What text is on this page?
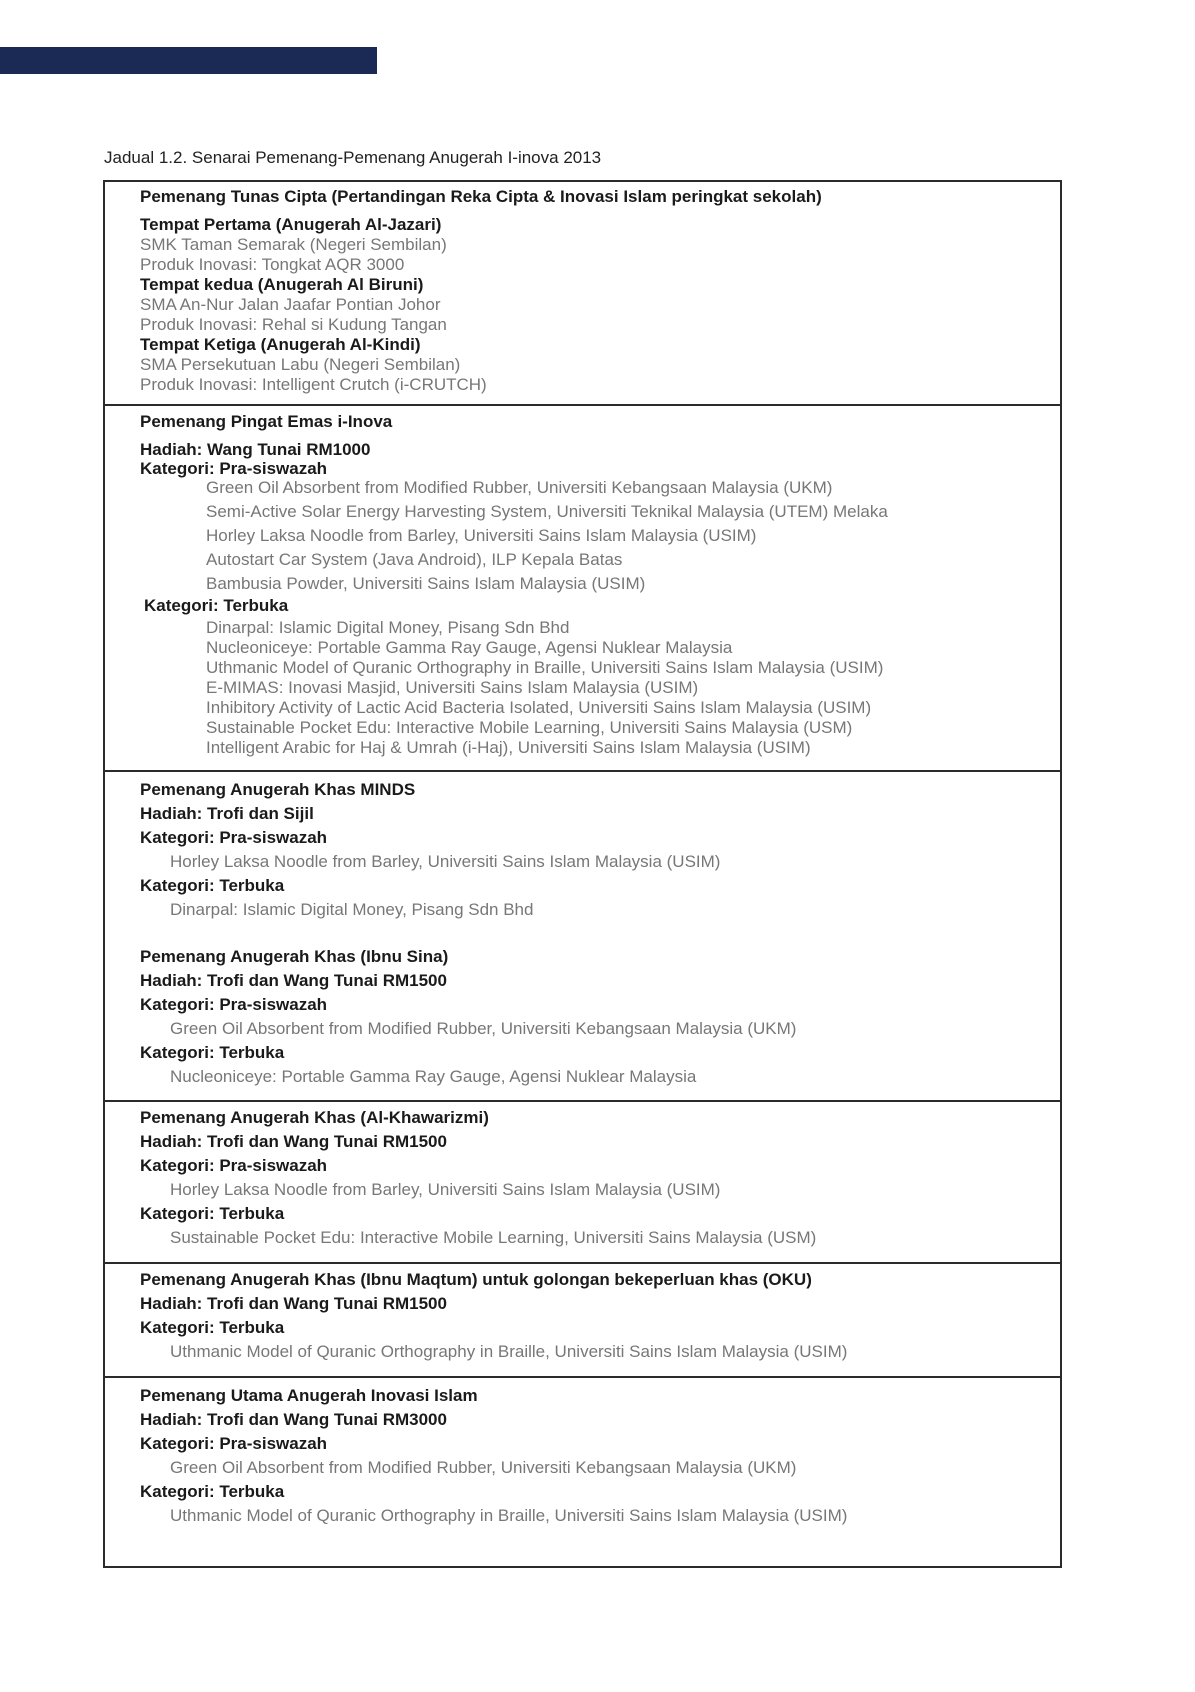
Jadual 1.2. Senarai Pemenang-Pemenang Anugerah I-inova 2013
Pemenang Tunas Cipta (Pertandingan Reka Cipta & Inovasi Islam peringkat sekolah)
Tempat Pertama (Anugerah Al-Jazari)
SMK Taman Semarak (Negeri Sembilan)
Produk Inovasi: Tongkat AQR 3000
Tempat kedua (Anugerah Al Biruni)
SMA An-Nur Jalan Jaafar Pontian Johor
Produk Inovasi: Rehal si Kudung Tangan
Tempat Ketiga (Anugerah Al-Kindi)
SMA Persekutuan Labu (Negeri Sembilan)
Produk Inovasi: Intelligent Crutch (i-CRUTCH)
Pemenang Pingat Emas i-Inova
Hadiah: Wang Tunai RM1000
Kategori: Pra-siswazah
Green Oil Absorbent from Modified Rubber, Universiti Kebangsaan Malaysia (UKM)
Semi-Active Solar Energy Harvesting System, Universiti Teknikal Malaysia (UTEM) Melaka
Horley Laksa Noodle from Barley, Universiti Sains Islam Malaysia (USIM)
Autostart Car System (Java Android), ILP Kepala Batas
Bambusia Powder, Universiti Sains Islam Malaysia (USIM)
Kategori: Terbuka
Dinarpal: Islamic Digital Money, Pisang Sdn Bhd
Nucleoniceye: Portable Gamma Ray Gauge, Agensi Nuklear Malaysia
Uthmanic Model of Quranic Orthography in Braille, Universiti Sains Islam Malaysia (USIM)
E-MIMAS: Inovasi Masjid, Universiti Sains Islam Malaysia (USIM)
Inhibitory Activity of Lactic Acid Bacteria Isolated, Universiti Sains Islam Malaysia (USIM)
Sustainable Pocket Edu: Interactive Mobile Learning, Universiti Sains Malaysia (USM)
Intelligent Arabic for Haj & Umrah (i-Haj), Universiti Sains Islam Malaysia (USIM)
Pemenang Anugerah Khas MINDS
Hadiah: Trofi dan Sijil
Kategori: Pra-siswazah
Horley Laksa Noodle from Barley, Universiti Sains Islam Malaysia (USIM)
Kategori: Terbuka
Dinarpal: Islamic Digital Money, Pisang Sdn Bhd
Pemenang Anugerah Khas (Ibnu Sina)
Hadiah: Trofi dan Wang Tunai RM1500
Kategori: Pra-siswazah
Green Oil Absorbent from Modified Rubber, Universiti Kebangsaan Malaysia (UKM)
Kategori: Terbuka
Nucleoniceye: Portable Gamma Ray Gauge, Agensi Nuklear Malaysia
Pemenang Anugerah Khas (Al-Khawarizmi)
Hadiah: Trofi dan Wang Tunai RM1500
Kategori: Pra-siswazah
Horley Laksa Noodle from Barley, Universiti Sains Islam Malaysia (USIM)
Kategori: Terbuka
Sustainable Pocket Edu: Interactive Mobile Learning, Universiti Sains Malaysia (USM)
Pemenang Anugerah Khas (Ibnu Maqtum) untuk golongan bekeperluan khas (OKU)
Hadiah: Trofi dan Wang Tunai RM1500
Kategori: Terbuka
Uthmanic Model of Quranic Orthography in Braille, Universiti Sains Islam Malaysia (USIM)
Pemenang Utama Anugerah Inovasi Islam
Hadiah: Trofi dan Wang Tunai RM3000
Kategori: Pra-siswazah
Green Oil Absorbent from Modified Rubber, Universiti Kebangsaan Malaysia (UKM)
Kategori: Terbuka
Uthmanic Model of Quranic Orthography in Braille, Universiti Sains Islam Malaysia (USIM)
